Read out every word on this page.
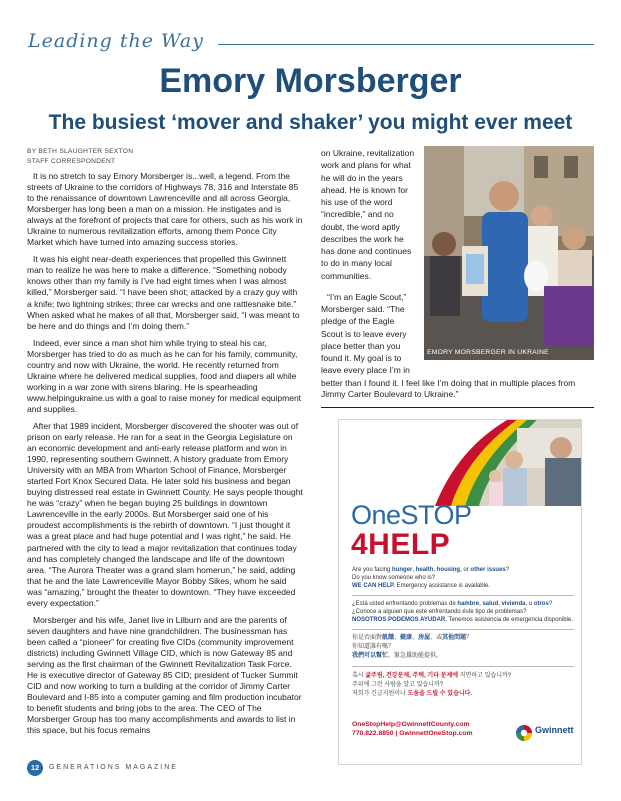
Leading the Way
Emory Morsberger
The busiest ‘mover and shaker’ you might ever meet
BY BETH SLAUGHTER SEXTON
STAFF CORRESPONDENT

It is no stretch to say Emory Morsberger is...well, a legend. From the streets of Ukraine to the corridors of Highways 78, 316 and Interstate 85 to the renaissance of downtown Lawrenceville and all across Georgia, Morsberger has long been a man on a mission. He instigates and is always at the forefront of projects that care for others, such as his work in Ukraine to numerous revitalization efforts, among them Ponce City Market which have turned into amazing success stories.

It was his eight near-death experiences that propelled this Gwinnett man to realize he was here to make a difference. “Something nobody knows other than my family is I’ve had eight times when I was almost killed,” Morsberger said. “I have been shot; attacked by a crazy guy with a knife; two lightning strikes; three car wrecks and one rattlesnake bite.” When asked what he makes of all that, Morsberger said, “I was meant to be here and do things and I’m doing them.”

Indeed, ever since a man shot him while trying to steal his car, Morsberger has tried to do as much as he can for his family, community, country and now with Ukraine, the world. He recently returned from Ukraine where he delivered medical supplies, food and diapers all while working in a war zone with sirens blaring. He is spearheading www.helpingukraine.us with a goal to raise money for medical equipment and supplies.

After that 1989 incident, Morsberger discovered the shooter was out of prison on early release. He ran for a seat in the Georgia Legislature on an economic development and anti-early release platform and won in 1990, representing southern Gwinnett. A history graduate from Emory University with an MBA from Wharton School of Finance, Morsberger started Fort Knox Secured Data. He later sold his business and began buying distressed real estate in Gwinnett County. He says people thought he was “crazy” when he began buying 25 buildings in downtown Lawrenceville in the early 2000s. But Morsberger said one of his proudest accomplishments is the rebirth of downtown. “I just thought it was a great place and had huge potential and I was right,” he said. He partnered with the city to lead a major revitalization that continues today and has completely changed the landscape and life of the downtown area. “The Aurora Theater was a grand slam homerun,” he said, adding that he and the late Lawrenceville Mayor Bobby Sikes, whom he said was “amazing,” brought the theater to downtown. “They have exceeded every expectation.”

Morsberger and his wife, Janet live in Lilburn and are the parents of seven daughters and have nine grandchildren. The businessman has been called a “pioneer” for creating five CIDs (community improvement districts) including Gwinnett Village CID, which is now Gateway 85 and serving as the first chairman of the Gwinnett Revitalization Task Force. He is executive director of Gateway 85 CID; president of Tucker Summit CID and now working to turn a building at the corridor of Jimmy Carter Boulevard and I-85 into a computer gaming and film production incubator to benefit students and bring jobs to the area. The CEO of The Morsberger Group has too many accomplishments and awards to list in this space, but his focus remains

on Ukraine, revitalization work and plans for what he will do in the years ahead. He is known for his use of the word “incredible,” and no doubt, the word aptly describes the work he has done and continues to do in many local communities.

“I’m an Eagle Scout,” Morsberger said. “The pledge of the Eagle Scout is to leave every place better than you found it. My goal is to leave every place I’m in

better than I found it. I feel like I’m doing that in multiple places from Jimmy Carter Boulevard to Ukraine.”
EMORY MORSBERGER IN UKRAINE
OneSTOP
4HELP
Are you facing hunger, health, housing, or other issues?
Do you know someone who is?
WE CAN HELP. Emergency assistance is available.
¿Está usted enfrentando problemas de hambre, salud, vivienda, u otros?
¿Conoce a alguien que esté enfrentando éste tipo de problemas?
NOSOTROS PODEMOS AYUDAR. Tenemos asistencia de emergencia disponible.
你是否面對飢餓、健康、房屋、或其他問題？
你知道誰有嗎？
我們可以幫忙。緊急援助能提供。
혹시 굶주림, 건강문제, 주택, 기타 문제에 직면하고 있습니까?
주위에 그런 사람을 알고 있습니까?
저희가 긴급지원이나 도움을 드릴 수 있습니다.
OneStopHelp@GwinnettCounty.com
770.822.8850 | GwinnettOneStop.com	Gwinnett
12	GENERATIONS MAGAZINE
